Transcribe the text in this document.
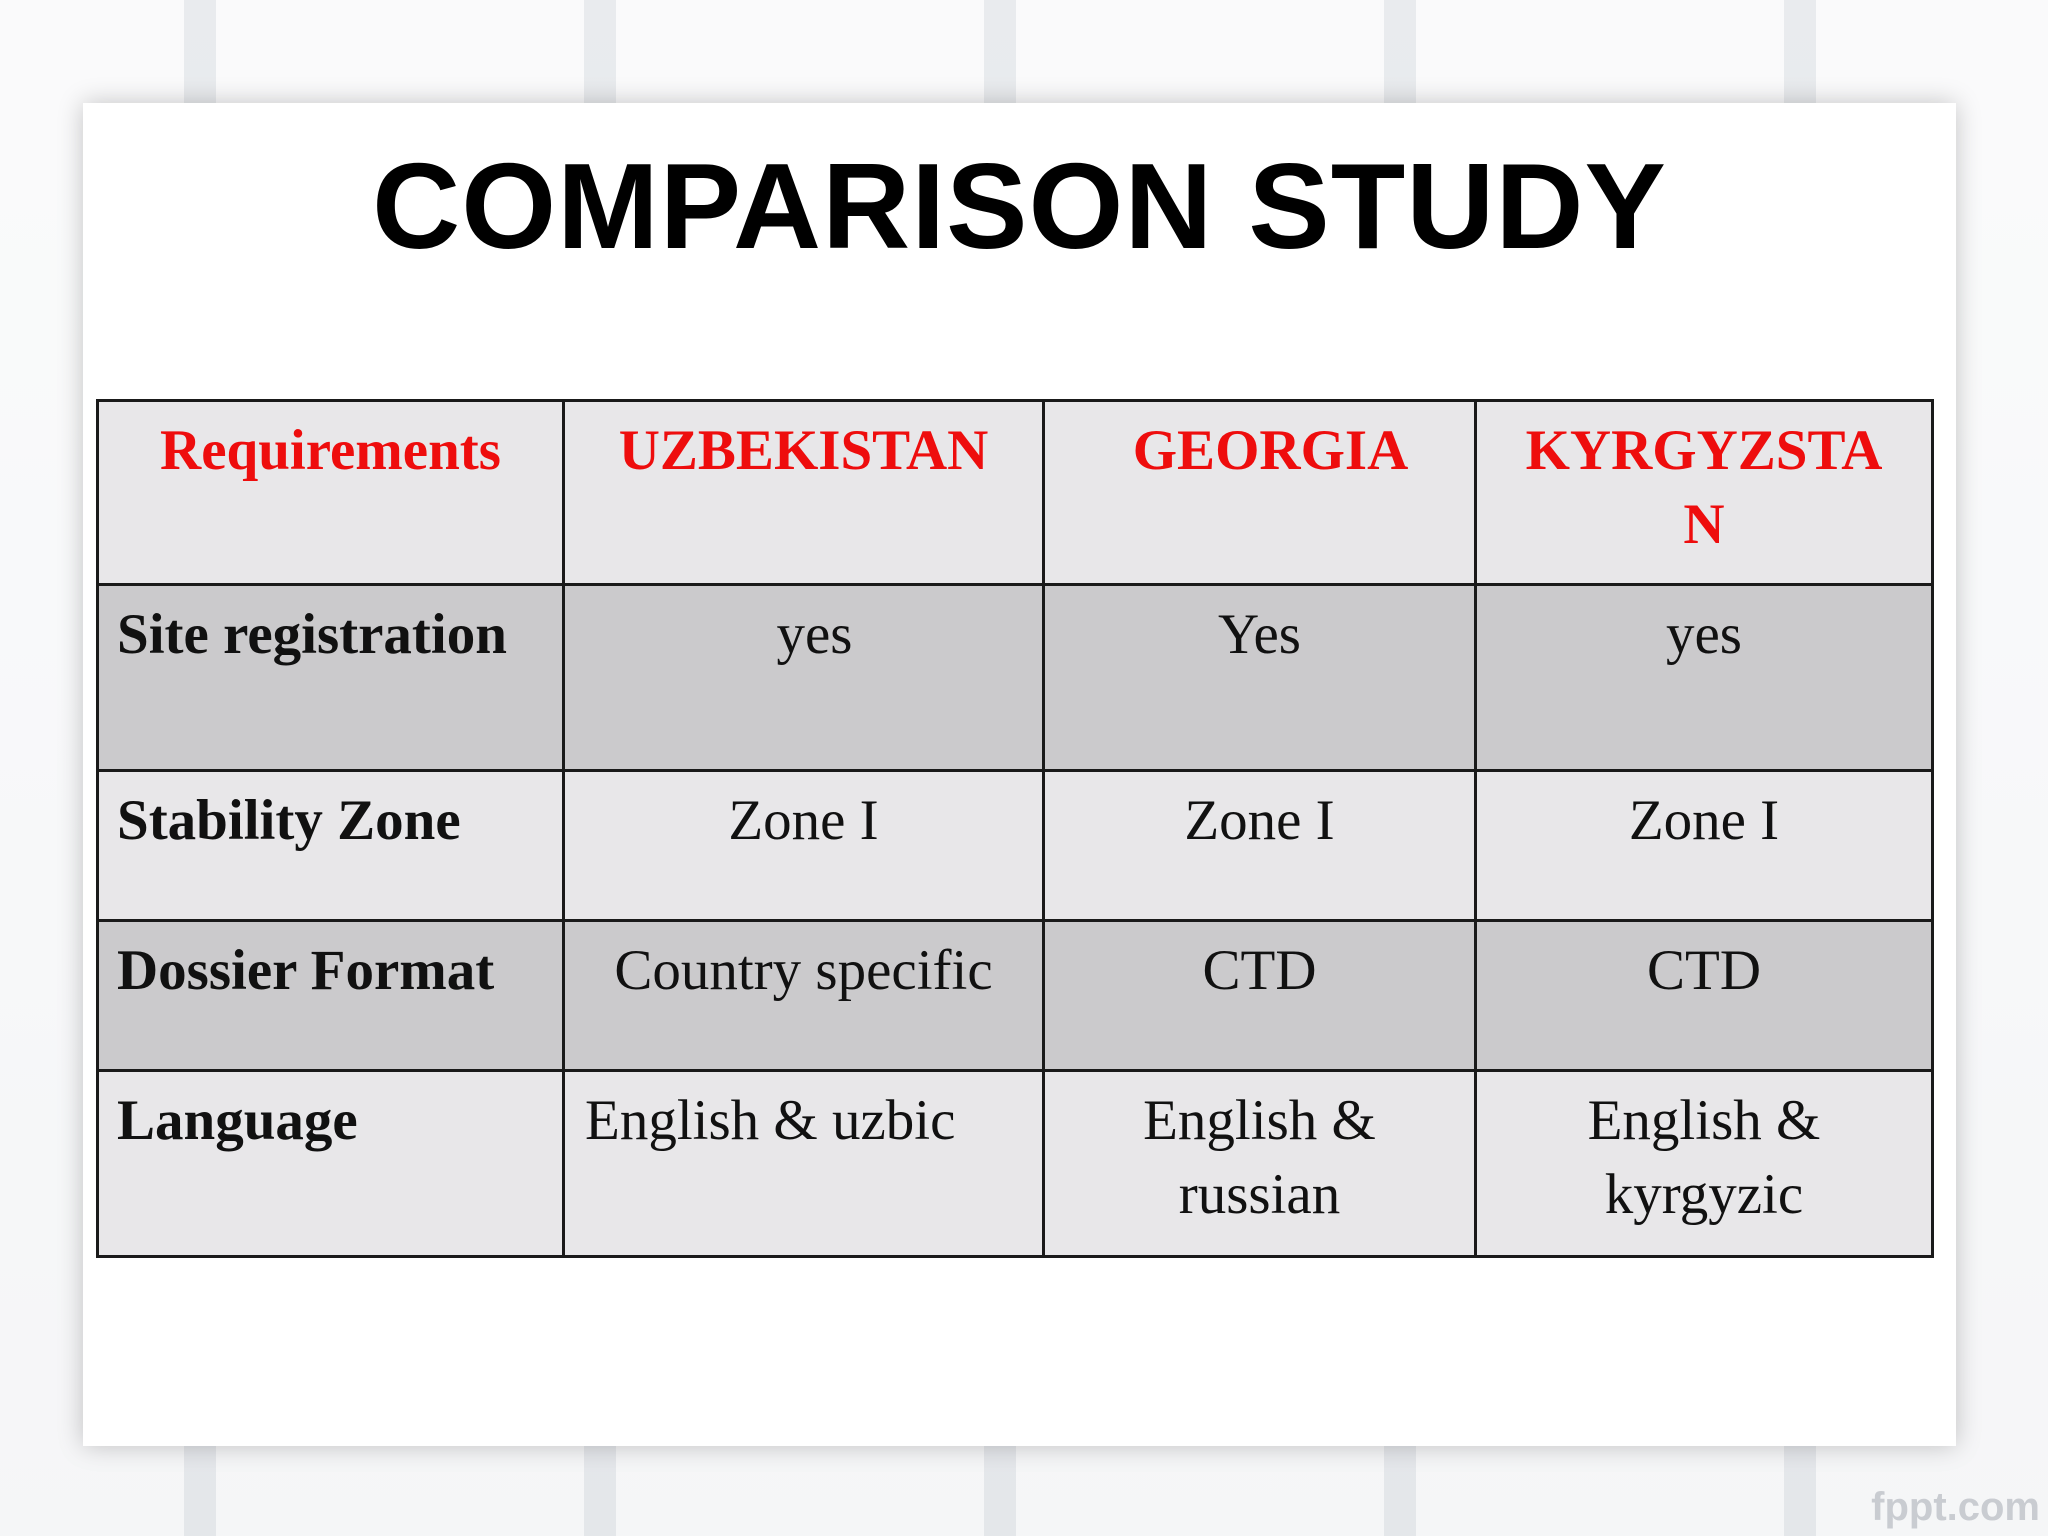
COMPARISON STUDY
Requirements	UZBEKISTAN	GEORGIA	KYRGYZSTA N
Site registration	yes	Yes	yes
Stability Zone	Zone I	Zone I	Zone I
Dossier Format	Country specific	CTD	CTD
Language	English & uzbic	English & russian	English & kyrgyzic
fppt.com
